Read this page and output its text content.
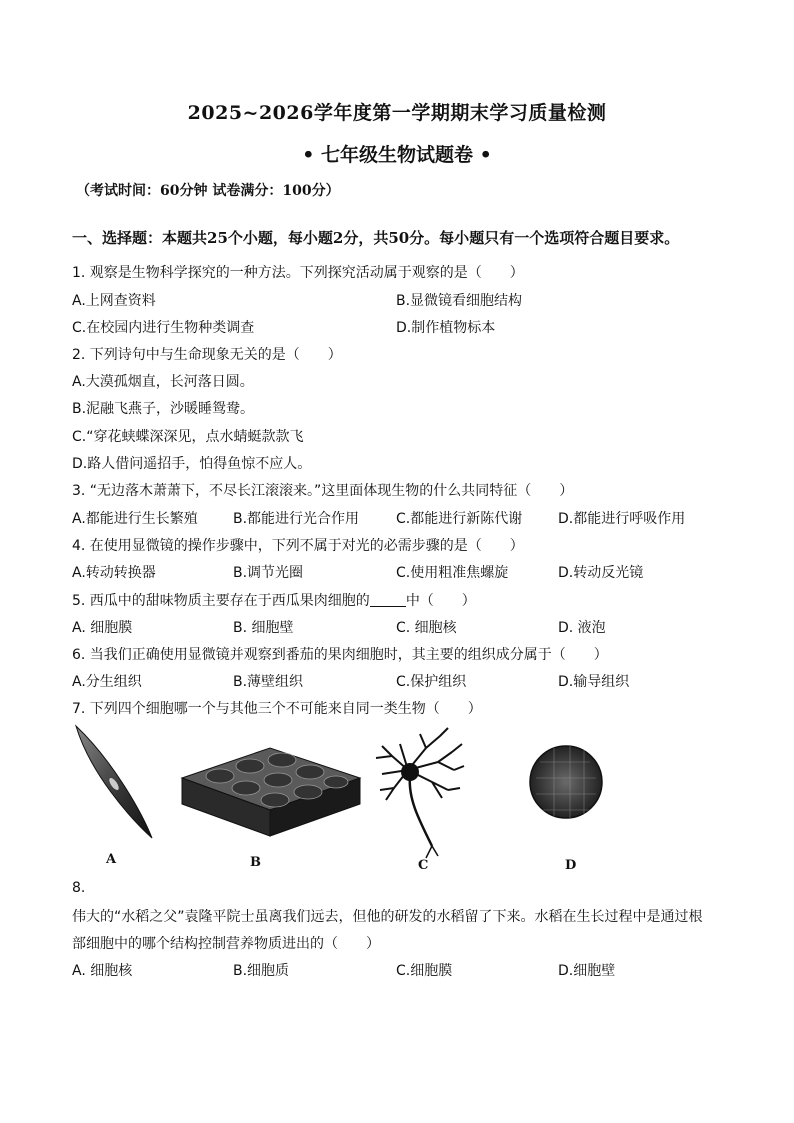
2025~2026学年度第一学期期末学习质量检测
• 七年级生物试题卷 •
（考试时间：60分钟 试卷满分：100分）
一、选择题：本题共25个小题，每小题2分，共50分。每小题只有一个选项符合题目要求。
1. 观察是生物科学探究的一种方法。下列探究活动属于观察的是（　　）
A.上网查资料	B.显微镜看细胞结构
C.在校园内进行生物种类调查	D.制作植物标本
2. 下列诗句中与生命现象无关的是（　　）
A.大漠孤烟直，长河落日圆。
B.泥融飞燕子，沙暖睡鸳鸯。
C.“穿花蛱蝶深深见，点水蜻蜓款款飞
D.路人借问遥招手，怕得鱼惊不应人。
3. “无边落木萧萧下，不尽长江滚滚来。”这里面体现生物的什么共同特征（　　）
A.都能进行生长繁殖	B.都能进行光合作用	C.都能进行新陈代谢	D.都能进行呼吸作用
4. 在使用显微镜的操作步骤中，下列不属于对光的必需步骤的是（　　）
A.转动转换器	B.调节光圈	C.使用粗准焦螺旋	D.转动反光镜
5. 西瓜中的甜味物质主要存在于西瓜果肉细胞的	中（　　）
A. 细胞膜	B. 细胞壁	C. 细胞核	D. 液泡
6. 当我们正确使用显微镜并观察到番茄的果肉细胞时，其主要的组织成分属于（　　）
A.分生组织	B.薄壁组织	C.保护组织	D.输导组织
7. 下列四个细胞哪一个与其他三个不可能来自同一类生物（　　）
A	B	C	D
8.
伟大的“水稻之父”袁隆平院士虽离我们远去，但他的研发的水稻留了下来。水稻在生长过程中是通过根
部细胞中的哪个结构控制营养物质进出的（　　）
A. 细胞核	B.细胞质	C.细胞膜	D.细胞壁
